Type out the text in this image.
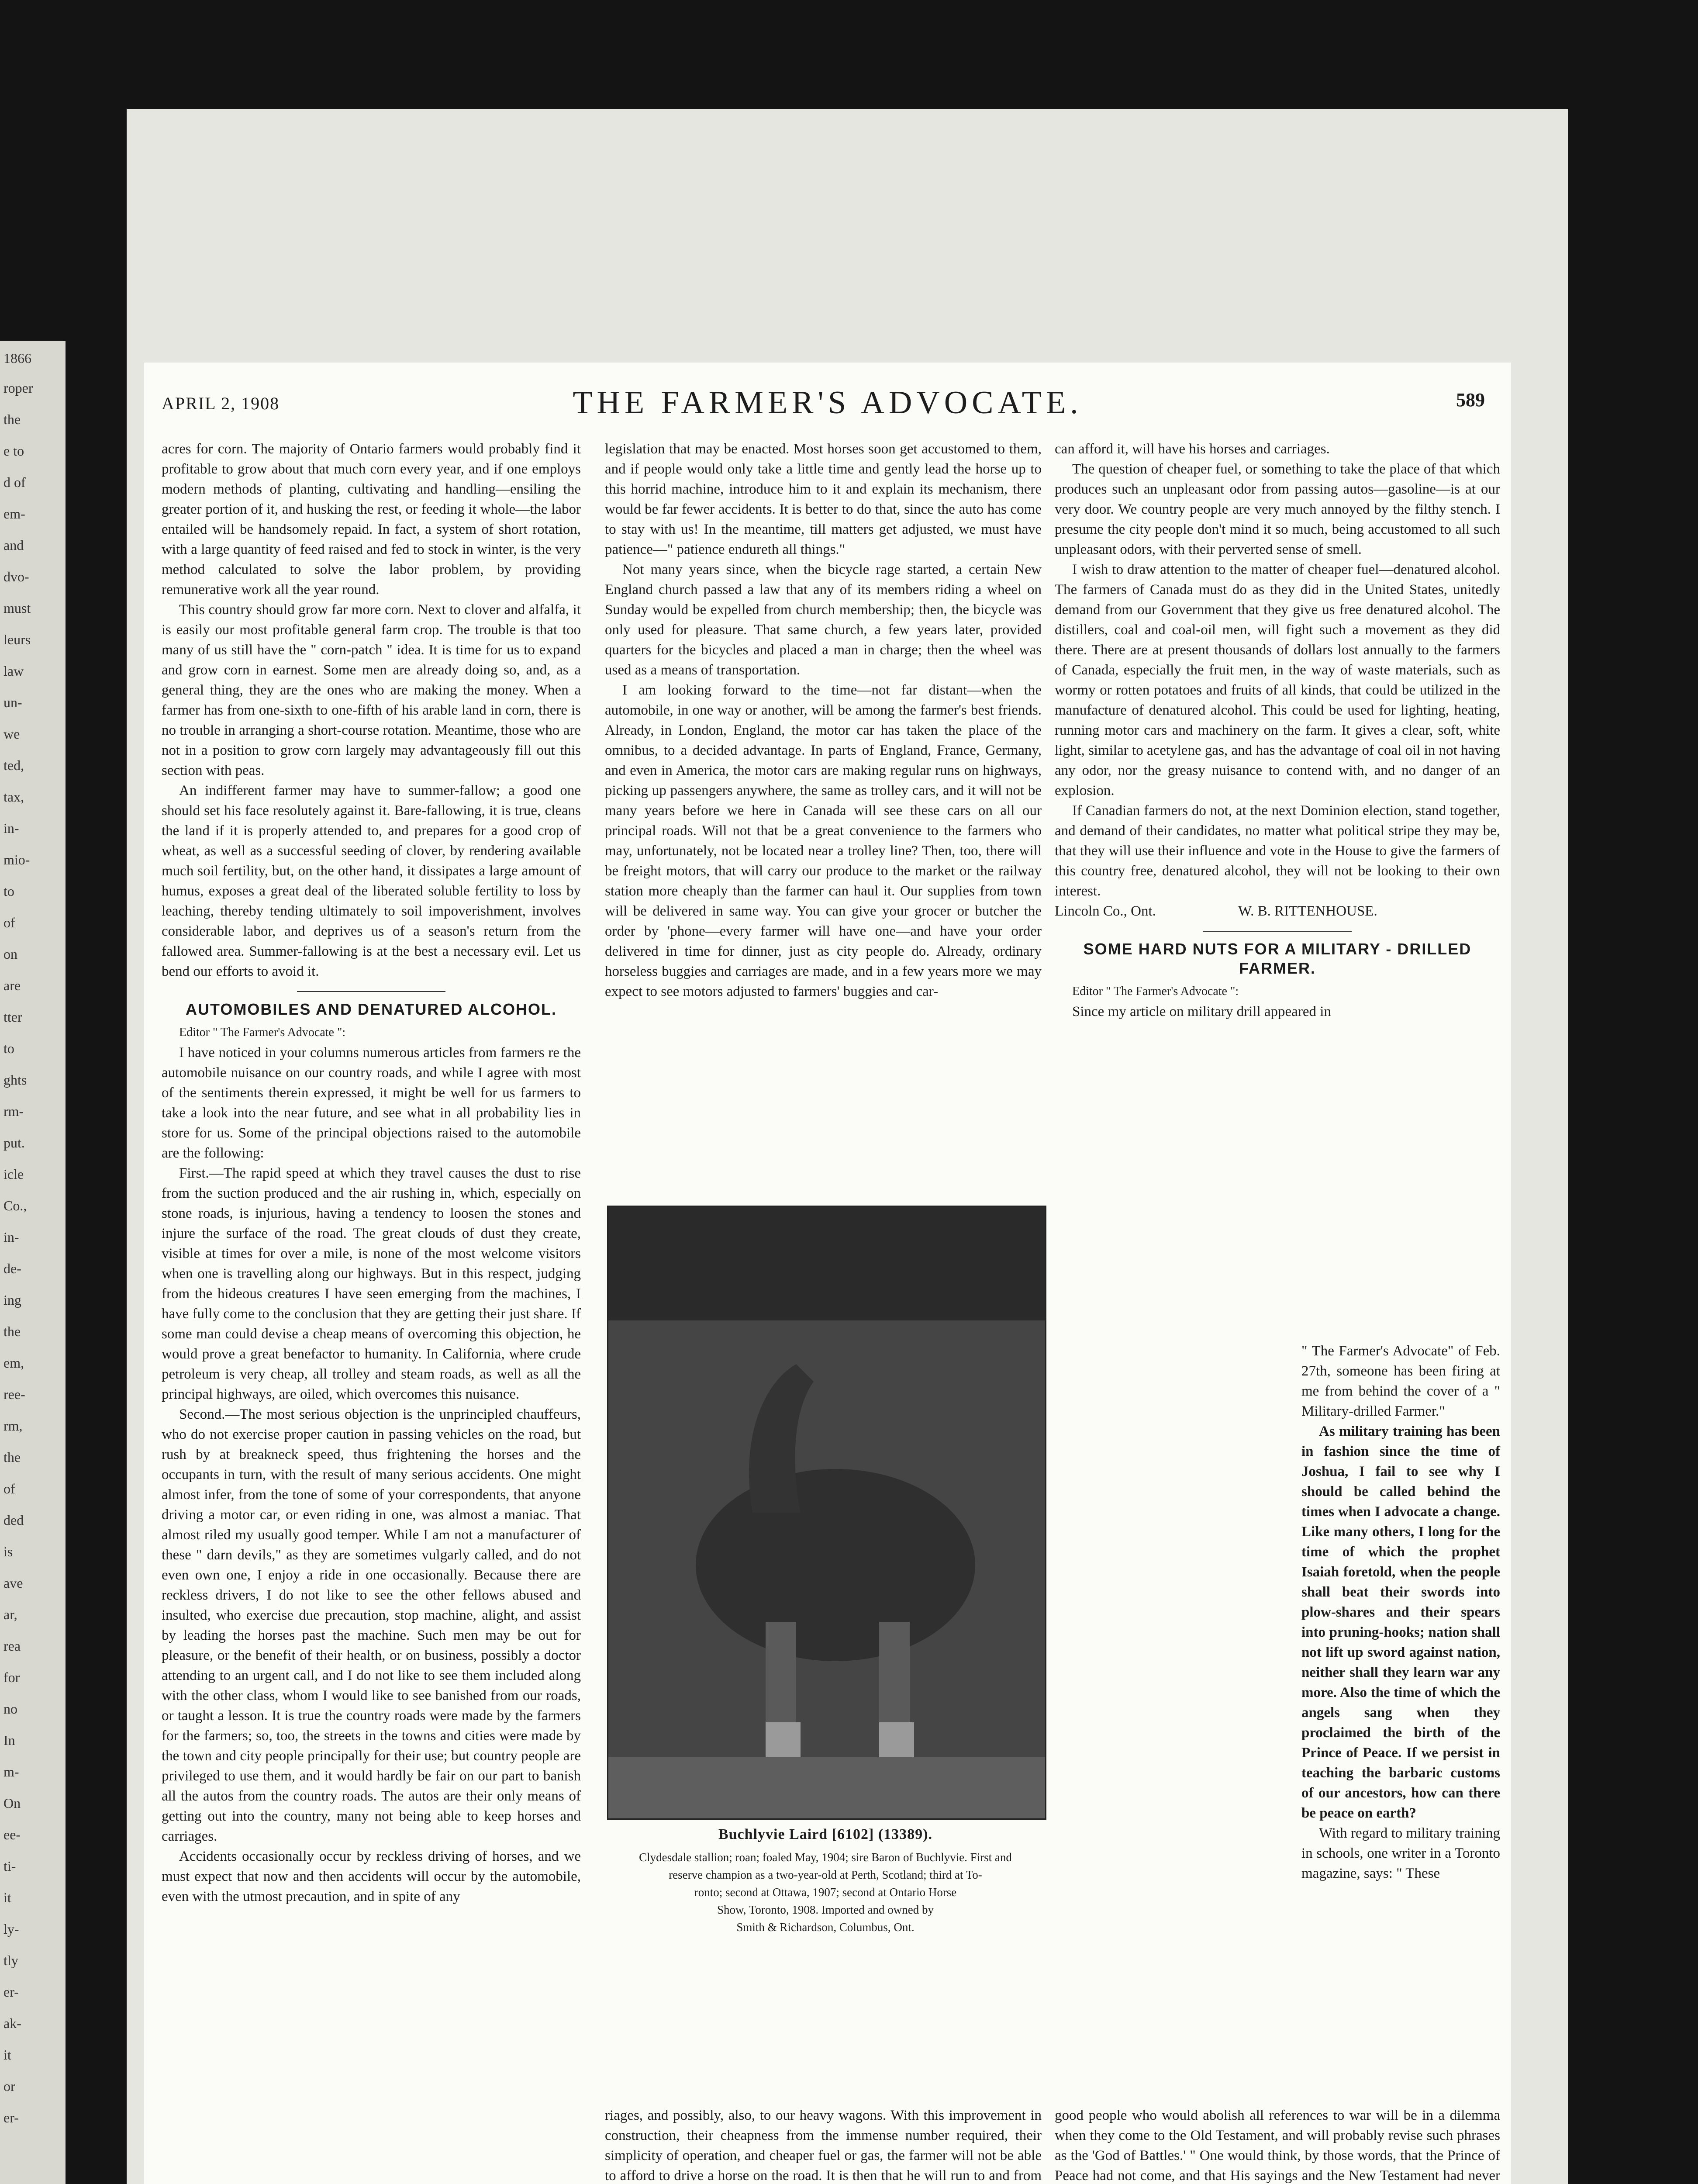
1866
roper
the
e to
d of
em-
and
dvo-
must
leurs
law
un-
we
ted,
tax,
in-
mio-
to
of
on
are
tter
to
ghts
rm-
put.
icle
Co.,
in-
de-
ing
the
em,
ree-
rm,
the
of
ded
is
ave
ar,
rea
for
no
In
m-
On
ee-
ti-
it
ly-
tly
er-
ak-
it
or
er-
APRIL 2, 1908	THE FARMER'S ADVOCATE.	589

acres for corn. The majority of Ontario farmers would probably find it profitable to grow about that much corn every year, and if one employs modern methods of planting, cultivating and handling—ensiling the greater portion of it, and husking the rest, or feeding it whole—the labor entailed will be handsomely repaid. In fact, a system of short rotation, with a large quantity of feed raised and fed to stock in winter, is the very method calculated to solve the labor problem, by providing remunerative work all the year round.

This country should grow far more corn. Next to clover and alfalfa, it is easily our most profitable general farm crop. The trouble is that too many of us still have the " corn-patch " idea. It is time for us to expand and grow corn in earnest. Some men are already doing so, and, as a general thing, they are the ones who are making the money. When a farmer has from one-sixth to one-fifth of his arable land in corn, there is no trouble in arranging a short-course rotation. Meantime, those who are not in a position to grow corn largely may advantageously fill out this section with peas.

An indifferent farmer may have to summer-fallow; a good one should set his face resolutely against it. Bare-fallowing, it is true, cleans the land if it is properly attended to, and prepares for a good crop of wheat, as well as a successful seeding of clover, by rendering available much soil fertility, but, on the other hand, it dissipates a large amount of humus, exposes a great deal of the liberated soluble fertility to loss by leaching, thereby tending ultimately to soil impoverishment, involves considerable labor, and deprives us of a season's return from the fallowed area. Summer-fallowing is at the best a necessary evil. Let us bend our efforts to avoid it.

AUTOMOBILES AND DENATURED ALCOHOL.

Editor " The Farmer's Advocate ":

I have noticed in your columns numerous articles from farmers re the automobile nuisance on our country roads, and while I agree with most of the sentiments therein expressed, it might be well for us farmers to take a look into the near future, and see what in all probability lies in store for us. Some of the principal objections raised to the automobile are the following:

First.—The rapid speed at which they travel causes the dust to rise from the suction produced and the air rushing in, which, especially on stone roads, is injurious, having a tendency to loosen the stones and injure the surface of the road. The great clouds of dust they create, visible at times for over a mile, is none of the most welcome visitors when one is travelling along our highways. But in this respect, judging from the hideous creatures I have seen emerging from the machines, I have fully come to the conclusion that they are getting their just share. If some man could devise a cheap means of overcoming this objection, he would prove a great benefactor to humanity. In California, where crude petroleum is very cheap, all trolley and steam roads, as well as all the principal highways, are oiled, which overcomes this nuisance.

Second.—The most serious objection is the unprincipled chauffeurs, who do not exercise proper caution in passing vehicles on the road, but rush by at breakneck speed, thus frightening the horses and the occupants in turn, with the result of many serious accidents. One might almost infer, from the tone of some of your correspondents, that anyone driving a motor car, or even riding in one, was almost a maniac. That almost riled my usually good temper. While I am not a manufacturer of these " darn devils," as they are sometimes vulgarly called, and do not even own one, I enjoy a ride in one occasionally. Because there are reckless drivers, I do not like to see the other fellows abused and insulted, who exercise due precaution, stop machine, alight, and assist by leading the horses past the machine. Such men may be out for pleasure, or the benefit of their health, or on business, possibly a doctor attending to an urgent call, and I do not like to see them included along with the other class, whom I would like to see banished from our roads, or taught a lesson. It is true the country roads were made by the farmers for the farmers; so, too, the streets in the towns and cities were made by the town and city people principally for their use; but country people are privileged to use them, and it would hardly be fair on our part to banish all the autos from the country roads. The autos are their only means of getting out into the country, many not being able to keep horses and carriages.

Accidents occasionally occur by reckless driving of horses, and we must expect that now and then accidents will occur by the automobile, even with the utmost precaution, and in spite of any

legislation that may be enacted. Most horses soon get accustomed to them, and if people would only take a little time and gently lead the horse up to this horrid machine, introduce him to it and explain its mechanism, there would be far fewer accidents. It is better to do that, since the auto has come to stay with us! In the meantime, till matters get adjusted, we must have patience—" patience endureth all things."

Not many years since, when the bicycle rage started, a certain New England church passed a law that any of its members riding a wheel on Sunday would be expelled from church membership; then, the bicycle was only used for pleasure. That same church, a few years later, provided quarters for the bicycles and placed a man in charge; then the wheel was used as a means of transportation.

I am looking forward to the time—not far distant—when the automobile, in one way or another, will be among the farmer's best friends. Already, in London, England, the motor car has taken the place of the omnibus, to a decided advantage. In parts of England, France, Germany, and even in America, the motor cars are making regular runs on highways, picking up passengers anywhere, the same as trolley cars, and it will not be many years before we here in Canada will see these cars on all our principal roads. Will not that be a great convenience to the farmers who may, unfortunately, not be located near a trolley line? Then, too, there will be freight motors, that will carry our produce to the market or the railway station more cheaply than the farmer can haul it. Our supplies from town will be delivered in same way. You can give your grocer or butcher the order by 'phone—every farmer will have one—and have your order delivered in time for dinner, just as city people do. Already, ordinary horseless buggies and carriages are made, and in a few years more we may expect to see motors adjusted to farmers' buggies and car-

Buchlyvie Laird [6102] (13389).
Clydesdale stallion; roan; foaled May, 1904; sire Baron of Buchlyvie. First and
reserve champion as a two-year-old at Perth, Scotland; third at To-
ronto; second at Ottawa, 1907; second at Ontario Horse
Show, Toronto, 1908. Imported and owned by
Smith & Richardson, Columbus, Ont.

riages, and possibly, also, to our heavy wagons. With this improvement in construction, their cheapness from the immense number required, their simplicity of operation, and cheaper fuel or gas, the farmer will not be able to afford to drive a horse on the road. It is then that he will run to and from

can afford it, will have his horses and carriages.

The question of cheaper fuel, or something to take the place of that which produces such an unpleasant odor from passing autos—gasoline—is at our very door. We country people are very much annoyed by the filthy stench. I presume the city people don't mind it so much, being accustomed to all such unpleasant odors, with their perverted sense of smell.

I wish to draw attention to the matter of cheaper fuel—denatured alcohol. The farmers of Canada must do as they did in the United States, unitedly demand from our Government that they give us free denatured alcohol. The distillers, coal and coal-oil men, will fight such a movement as they did there. There are at present thousands of dollars lost annually to the farmers of Canada, especially the fruit men, in the way of waste materials, such as wormy or rotten potatoes and fruits of all kinds, that could be utilized in the manufacture of denatured alcohol. This could be used for lighting, heating, running motor cars and machinery on the farm. It gives a clear, soft, white light, similar to acetylene gas, and has the advantage of coal oil in not having any odor, nor the greasy nuisance to contend with, and no danger of an explosion.

If Canadian farmers do not, at the next Dominion election, stand together, and demand of their candidates, no matter what political stripe they may be, that they will use their influence and vote in the House to give the farmers of this country free, denatured alcohol, they will not be looking to their own interest.

Lincoln Co., Ont.	W. B. RITTENHOUSE.

SOME HARD NUTS FOR A MILITARY - DRILLED FARMER.

Editor " The Farmer's Advocate ":

Since my article on military drill appeared in

" The Farmer's Advocate" of Feb. 27th, someone has been firing at me from behind the cover of a " Military-drilled Farmer."

As military training has been in fashion since the time of Joshua, I fail to see why I should be called behind the times when I advocate a change. Like many others, I long for the time of which the prophet Isaiah foretold, when the people shall beat their swords into plow-shares and their spears into pruning-hooks; nation shall not lift up sword against nation, neither shall they learn war any more. Also the time of which the angels sang when they proclaimed the birth of the Prince of Peace. If we persist in teaching the barbaric customs of our ancestors, how can there be peace on earth?

With regard to military training in schools, one writer in a Toronto magazine, says: " These

good people who would abolish all references to war will be in a dilemma when they come to the Old Testament, and will probably revise such phrases as the 'God of Battles.' " One would think, by those words, that the Prince of Peace had not come, and that His sayings and the New Testament had never
